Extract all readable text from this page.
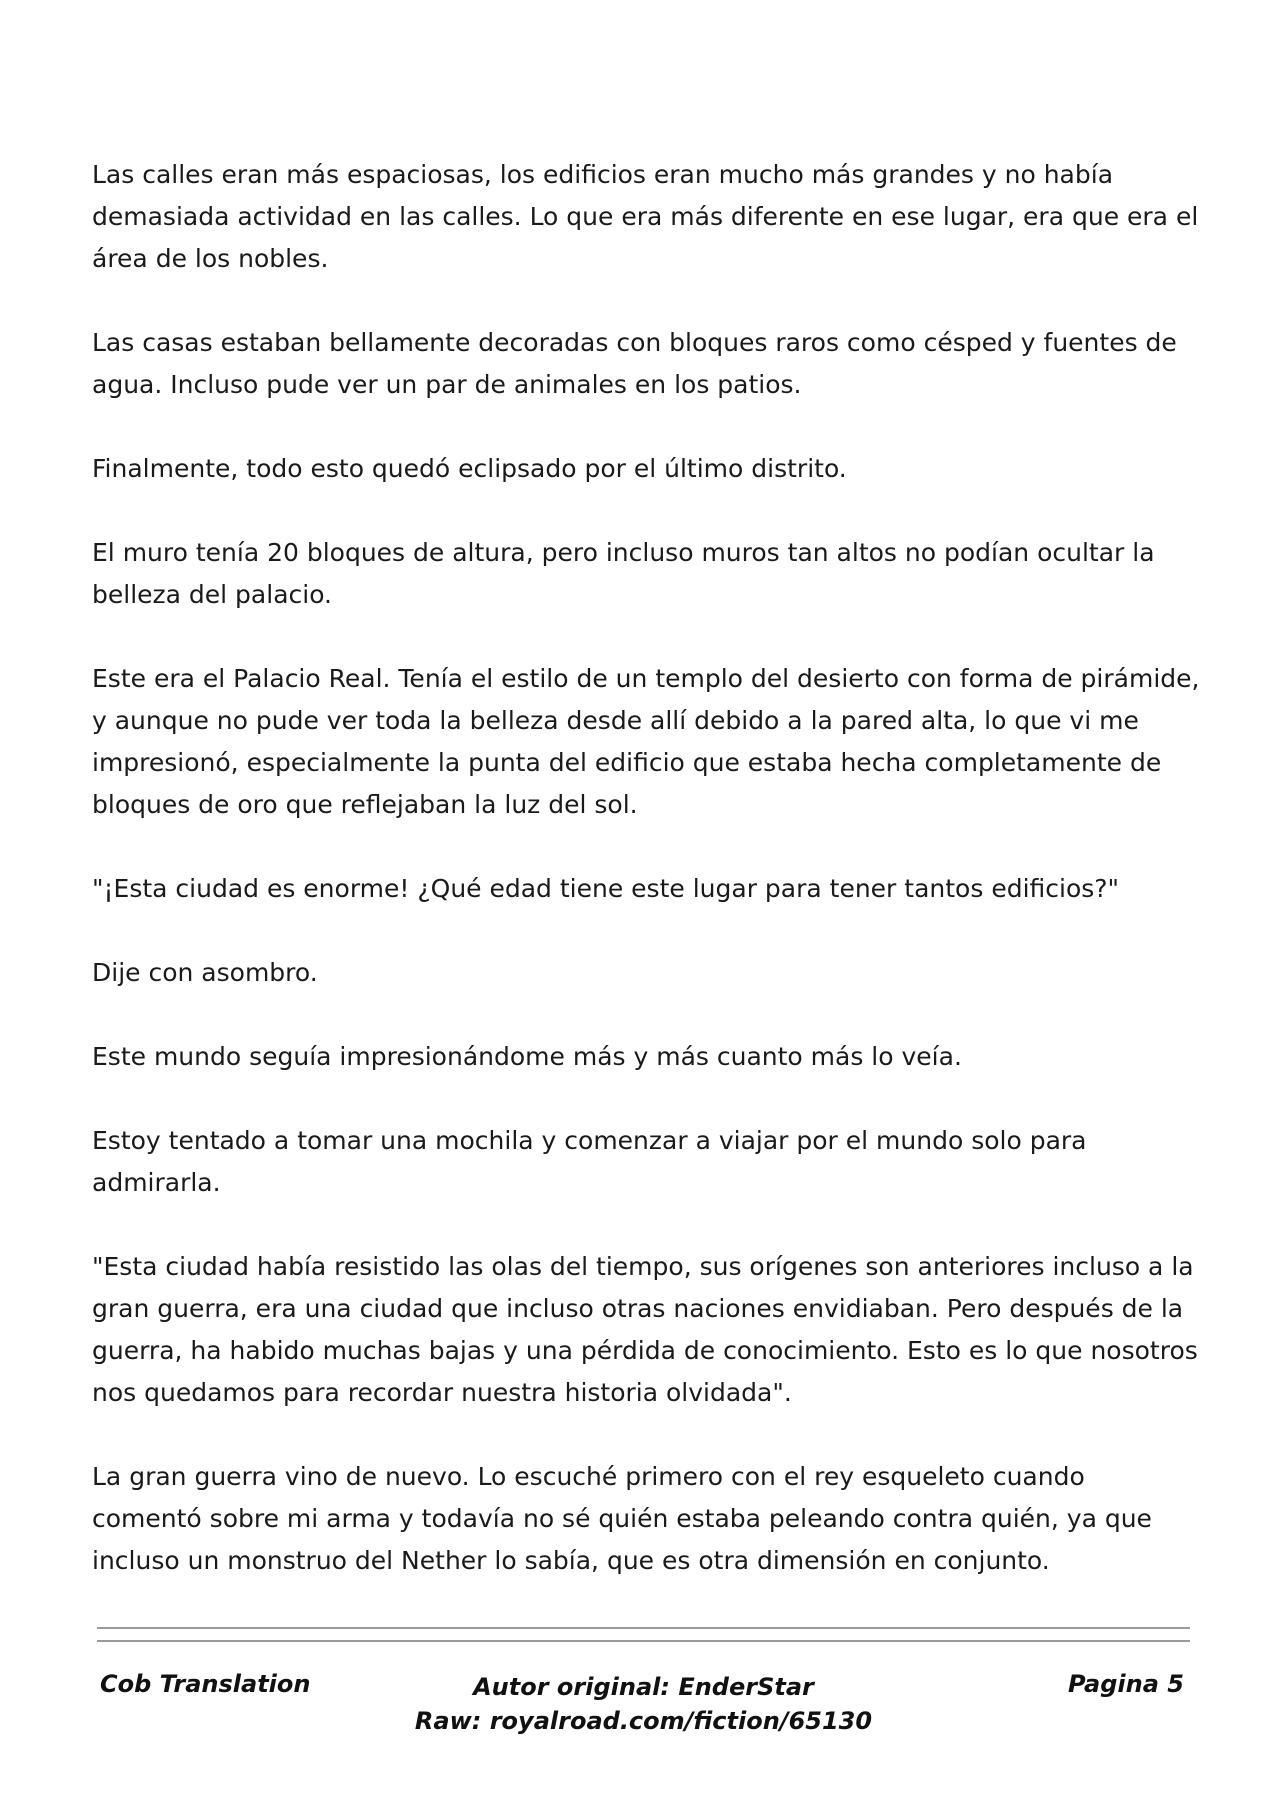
Las calles eran más espaciosas, los edificios eran mucho más grandes y no había demasiada actividad en las calles. Lo que era más diferente en ese lugar, era que era el área de los nobles.

Las casas estaban bellamente decoradas con bloques raros como césped y fuentes de agua. Incluso pude ver un par de animales en los patios.

Finalmente, todo esto quedó eclipsado por el último distrito.

El muro tenía 20 bloques de altura, pero incluso muros tan altos no podían ocultar la belleza del palacio.

Este era el Palacio Real. Tenía el estilo de un templo del desierto con forma de pirámide, y aunque no pude ver toda la belleza desde allí debido a la pared alta, lo que vi me impresionó, especialmente la punta del edificio que estaba hecha completamente de bloques de oro que reflejaban la luz del sol.

"¡Esta ciudad es enorme! ¿Qué edad tiene este lugar para tener tantos edificios?"

Dije con asombro.

Este mundo seguía impresionándome más y más cuanto más lo veía.

Estoy tentado a tomar una mochila y comenzar a viajar por el mundo solo para admirarla.

"Esta ciudad había resistido las olas del tiempo, sus orígenes son anteriores incluso a la gran guerra, era una ciudad que incluso otras naciones envidiaban. Pero después de la guerra, ha habido muchas bajas y una pérdida de conocimiento. Esto es lo que nosotros nos quedamos para recordar nuestra historia olvidada".

La gran guerra vino de nuevo. Lo escuché primero con el rey esqueleto cuando comentó sobre mi arma y todavía no sé quién estaba peleando contra quién, ya que incluso un monstruo del Nether lo sabía, que es otra dimensión en conjunto.

Cob Translation	Autor original: EnderStar
Raw: royalroad.com/fiction/65130
Pagina 5
